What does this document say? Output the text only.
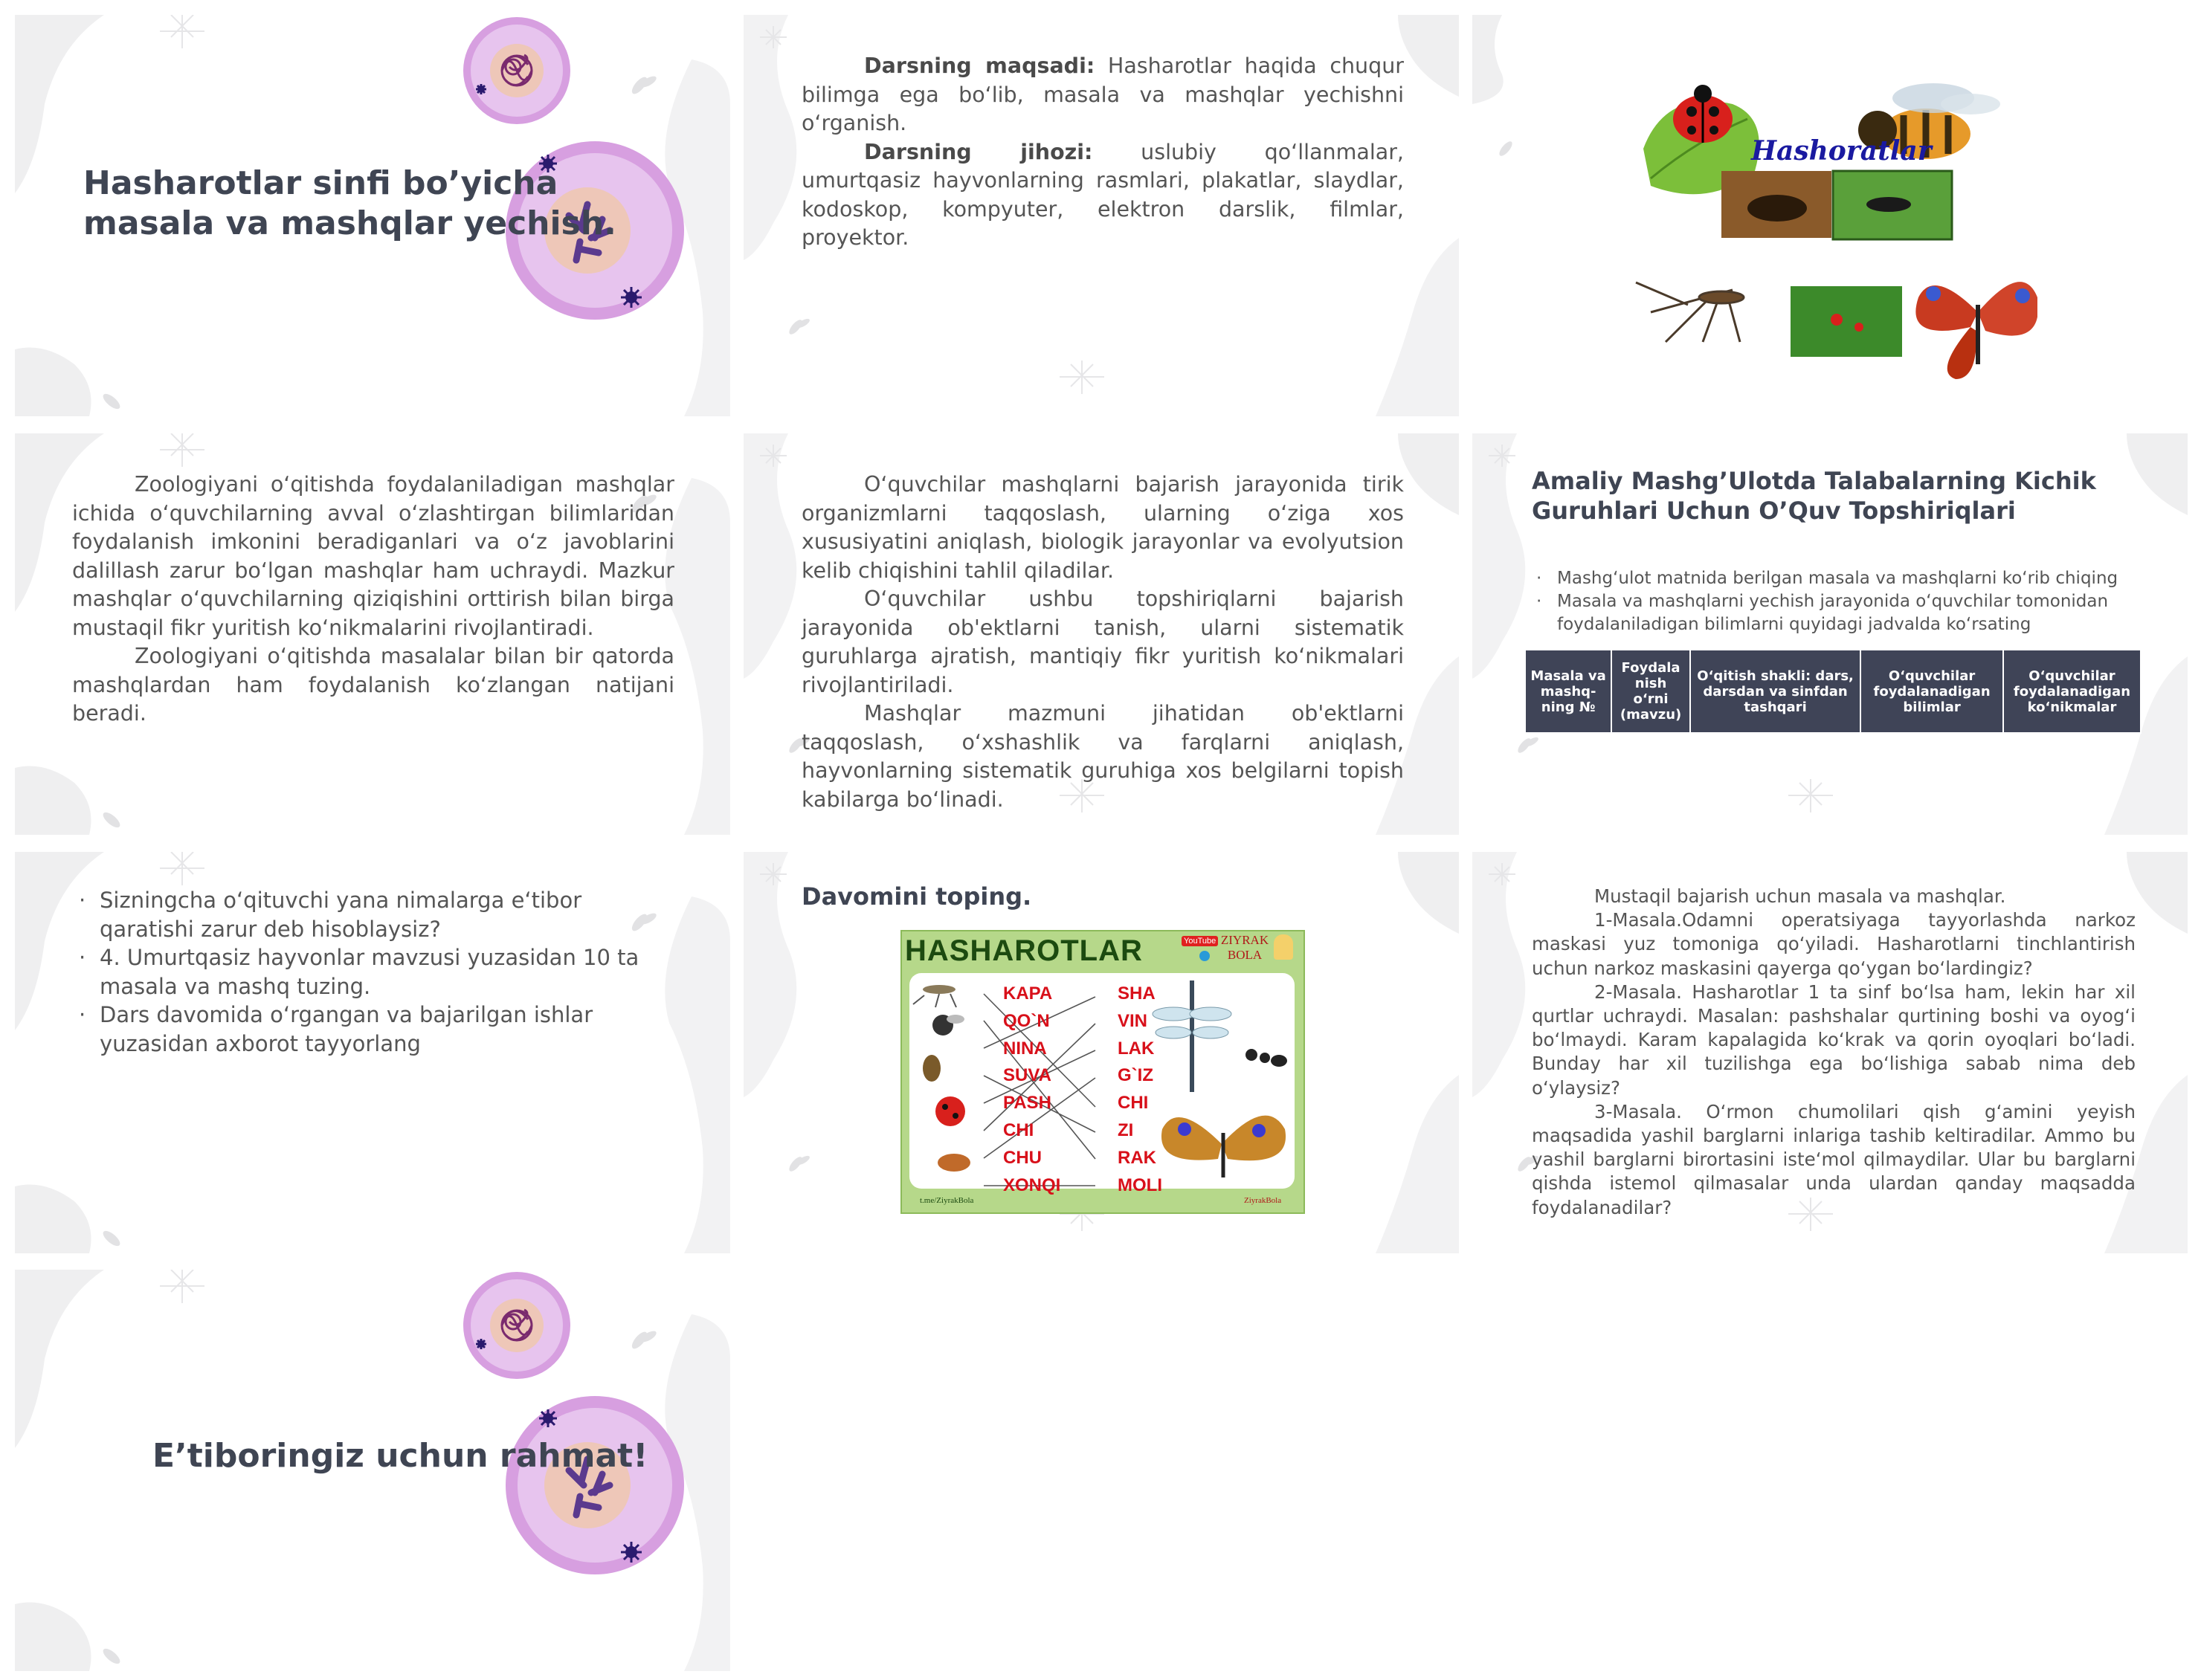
Hasharotlar sinfi bo’yicha
masala va mashqlar yechish.

Darsning maqsadi: Hasharotlar haqida chuqur bilimga ega boʻlib, masala va mashqlar yechishni oʻrganish.

Darsning jihozi: uslubiy qoʻllanmalar, umurtqasiz hayvonlarning rasmlari, plakatlar, slaydlar, kodoskop, kompyuter, elektron darslik, filmlar, proyektor.

Hashoratlar

Zoologiyani oʻqitishda foydalaniladigan mashqlar ichida oʻquvchilarning avval oʻzlashtirgan bilimlaridan foydalanish imkonini beradiganlari va oʻz javoblarini dalillash zarur boʻlgan mashqlar ham uchraydi. Mazkur mashqlar oʻquvchilarning qiziqishini orttirish bilan birga mustaqil fikr yuritish koʻnikmalarini rivojlantiradi.

Zoologiyani oʻqitishda masalalar bilan bir qatorda mashqlardan ham foydalanish koʻzlangan natijani beradi.

Oʻquvchilar mashqlarni bajarish jarayonida tirik organizmlarni taqqoslash, ularning oʻziga xos xususiyatini aniqlash, biologik jarayonlar va evolyutsion kelib chiqishini tahlil qiladilar.

Oʻquvchilar ushbu topshiriqlarni bajarish jarayonida ob'ektlarni tanish, ularni sistematik guruhlarga ajratish, mantiqiy fikr yuritish koʻnikmalari rivojlantiriladi.

Mashqlar mazmuni jihatidan ob'ektlarni taqqoslash, oʻxshashlik va farqlarni aniqlash, hayvonlarning sistematik guruhiga xos belgilarni topish kabilarga boʻlinadi.

Amaliy Mashg’Ulotda Talabalarning Kichik
Guruhlari Uchun O’Quv Topshiriqlari
· Mashgʻulot matnida berilgan masala va mashqlarni koʻrib chiqing
· Masala va mashqlarni yechish jarayonida oʻquvchilar tomonidan foydalaniladigan bilimlarni quyidagi jadvalda koʻrsating
Masala va mashq-ning №	Foydala nish oʻrni (mavzu)	Oʻqitish shakli: dars, darsdan va sinfdan tashqari	Oʻquvchilar foydalanadigan bilimlar	Oʻquvchilar foydalanadigan koʻnikmalar
· Sizningcha oʻqituvchi yana nimalarga eʻtibor qaratishi zarur deb hisoblaysiz?
· 4. Umurtqasiz hayvonlar mavzusi yuzasidan 10 ta masala va mashq tuzing.
· Dars davomida oʻrgangan va bajarilgan ishlar yuzasidan axborot tayyorlang
Davomini toping.
HASHAROTLAR	YouTube ZIYRAK BOLA
KAPA
QO`N
NINA
SUVA
PASH
CHI
CHU
XONQI
SHA
VIN
LAK
G`IZ
CHI
ZI
RAK
MOLI
t.me/ZiyrakBola	ZiyrakBola

Mustaqil bajarish uchun masala va mashqlar.

1-Masala.Odamni operatsiyaga tayyorlashda narkoz maskasi yuz tomoniga qoʻyiladi. Hasharotlarni tinchlantirish uchun narkoz maskasini qayerga qoʻygan boʻlardingiz?

2-Masala. Hasharotlar 1 ta sinf boʻlsa ham, lekin har xil qurtlar uchraydi. Masalan: pashshalar qurtining boshi va oyogʻi boʻlmaydi. Karam kapalagida koʻkrak va qorin oyoqlari boʻladi. Bunday har xil tuzilishga ega boʻlishiga sabab nima deb oʻylaysiz?

3-Masala. Oʻrmon chumolilari qish gʻamini yeyish maqsadida yashil barglarni inlariga tashib keltiradilar. Ammo bu yashil barglarni birortasini isteʻmol qilmaydilar. Ular bu barglarni qishda istemol qilmasalar unda ulardan qanday maqsadda foydalanadilar?

E’tiboringiz uchun rahmat!
